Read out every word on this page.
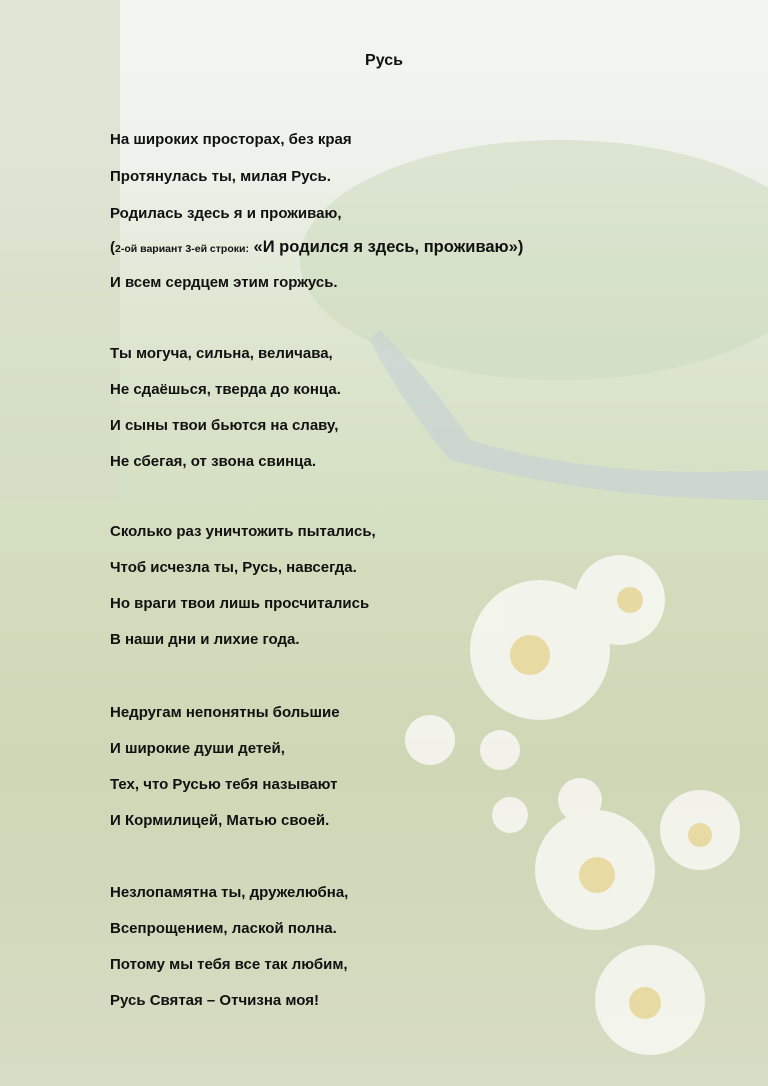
Русь
На широких просторах, без края
Протянулась ты, милая Русь.
Родилась здесь я и проживаю,
(2-ой вариант 3-ей строки: «И родился я здесь, проживаю»)
И всем сердцем этим горжусь.
Ты могуча, сильна, величава,
Не сдаёшься, тверда до конца.
И сыны твои бьются на славу,
Не сбегая, от звона свинца.
Сколько раз уничтожить пытались,
Чтоб исчезла ты, Русь, навсегда.
Но враги твои лишь просчитались
В наши дни и лихие года.
Недругам непонятны большие
И широкие души детей,
Тех, что Русью тебя называют
И Кормилицей, Матью своей.
Незлопамятна ты, дружелюбна,
Всепрощением, лаской полна.
Потому мы тебя все так любим,
Русь Святая – Отчизна моя!
